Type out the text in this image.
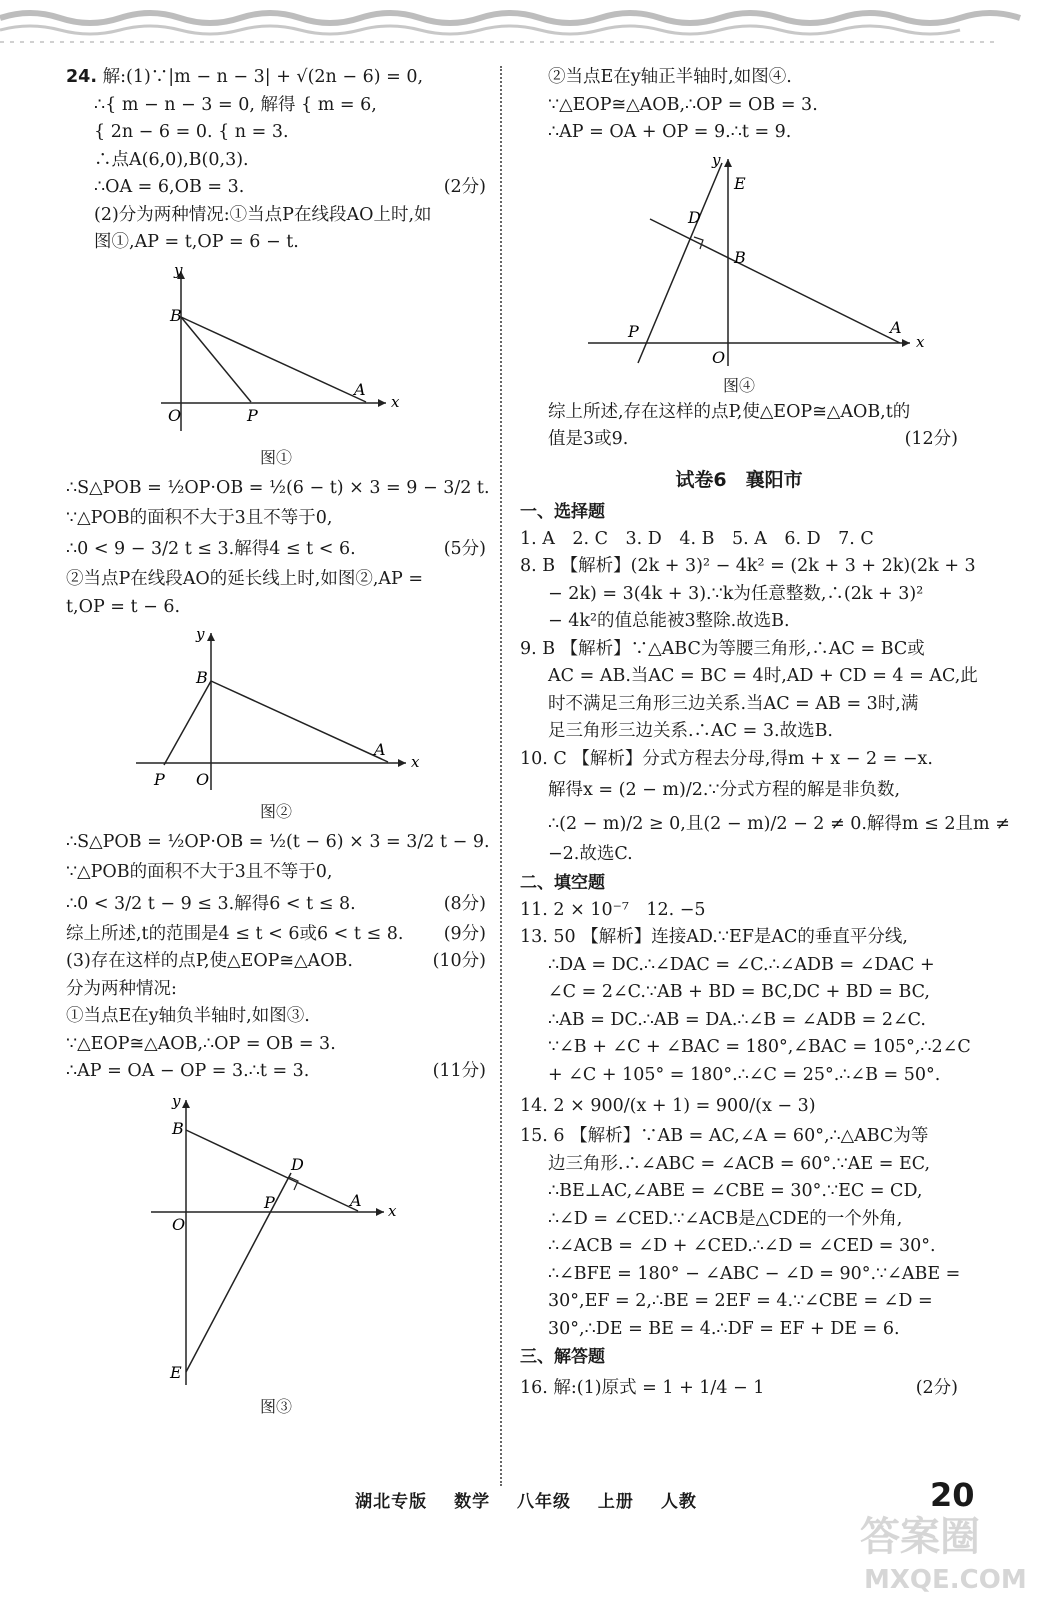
24. 解:(1)∵|m − n − 3| + √(2n − 6) = 0,
∴{ m − n − 3 = 0, 解得 { m = 6,
{ 2n − 6 = 0. { n = 3.
∴点A(6,0),B(0,3).
∴OA = 6,OB = 3.	(2分)
(2)分为两种情况:①当点P在线段AO上时,如
图①,AP = t,OP = 6 − t.
x
y
B
O	P
A
图①
∴S△POB = ½OP·OB = ½(6 − t) × 3 = 9 − 3/2 t.
∵△POB的面积不大于3且不等于0,
∴0 < 9 − 3/2 t ≤ 3.解得4 ≤ t < 6.	(5分)
②当点P在线段AO的延长线上时,如图②,AP =
t,OP = t − 6.
x
y
B
O
P
A
图②
∴S△POB = ½OP·OB = ½(t − 6) × 3 = 3/2 t − 9.
∵△POB的面积不大于3且不等于0,
∴0 < 3/2 t − 9 ≤ 3.解得6 < t ≤ 8.	(8分)
综上所述,t的范围是4 ≤ t < 6或6 < t ≤ 8. (9分)
(3)存在这样的点P,使△EOP≅△AOB.	(10分)
分为两种情况:
①当点E在y轴负半轴时,如图③.
∵△EOP≅△AOB,∴OP = OB = 3.
∴AP = OA − OP = 3.∴t = 3.	(11分)
x
y
B
O
P
D
A
E
图③
②当点E在y轴正半轴时,如图④.
∵△EOP≅△AOB,∴OP = OB = 3.
∴AP = OA + OP = 9.∴t = 9.
x
y
E
D
B
A
P
O
图④
综上所述,存在这样的点P,使△EOP≅△AOB,t的
值是3或9.	(12分)
试卷6　襄阳市
一、选择题
1. A　2. C　3. D　4. B　5. A　6. D　7. C
8. B 【解析】(2k + 3)² − 4k² = (2k + 3 + 2k)(2k + 3
− 2k) = 3(4k + 3).∵k为任意整数,∴(2k + 3)²
− 4k²的值总能被3整除.故选B.
9. B 【解析】∵△ABC为等腰三角形,∴AC = BC或
AC = AB.当AC = BC = 4时,AD + CD = 4 = AC,此
时不满足三角形三边关系.当AC = AB = 3时,满
足三角形三边关系.∴AC = 3.故选B.
10. C 【解析】分式方程去分母,得m + x − 2 = −x.
解得x = (2 − m)/2.∵分式方程的解是非负数,
∴(2 − m)/2 ≥ 0,且(2 − m)/2 − 2 ≠ 0.解得m ≤ 2且m ≠
−2.故选C.
二、填空题
11. 2 × 10⁻⁷　12. −5
13. 50 【解析】连接AD.∵EF是AC的垂直平分线,
∴DA = DC.∴∠DAC = ∠C.∴∠ADB = ∠DAC +
∠C = 2∠C.∵AB + BD = BC,DC + BD = BC,
∴AB = DC.∴AB = DA.∴∠B = ∠ADB = 2∠C.
∵∠B + ∠C + ∠BAC = 180°,∠BAC = 105°,∴2∠C
+ ∠C + 105° = 180°.∴∠C = 25°.∴∠B = 50°.
14. 2 × 900/(x + 1) = 900/(x − 3)
15. 6 【解析】∵AB = AC,∠A = 60°,∴△ABC为等
边三角形.∴∠ABC = ∠ACB = 60°.∵AE = EC,
∴BE⊥AC,∠ABE = ∠CBE = 30°.∵EC = CD,
∴∠D = ∠CED.∵∠ACB是△CDE的一个外角,
∴∠ACB = ∠D + ∠CED.∴∠D = ∠CED = 30°.
∴∠BFE = 180° − ∠ABC − ∠D = 90°.∵∠ABE =
30°,EF = 2,∴BE = 2EF = 4.∵∠CBE = ∠D =
30°,∴DE = BE = 4.∴DF = EF + DE = 6.
三、解答题
16. 解:(1)原式 = 1 + 1/4 − 1	(2分)
湖北专版 数学 八年级 上册 人教	20
答案圈
MXQE.COM
